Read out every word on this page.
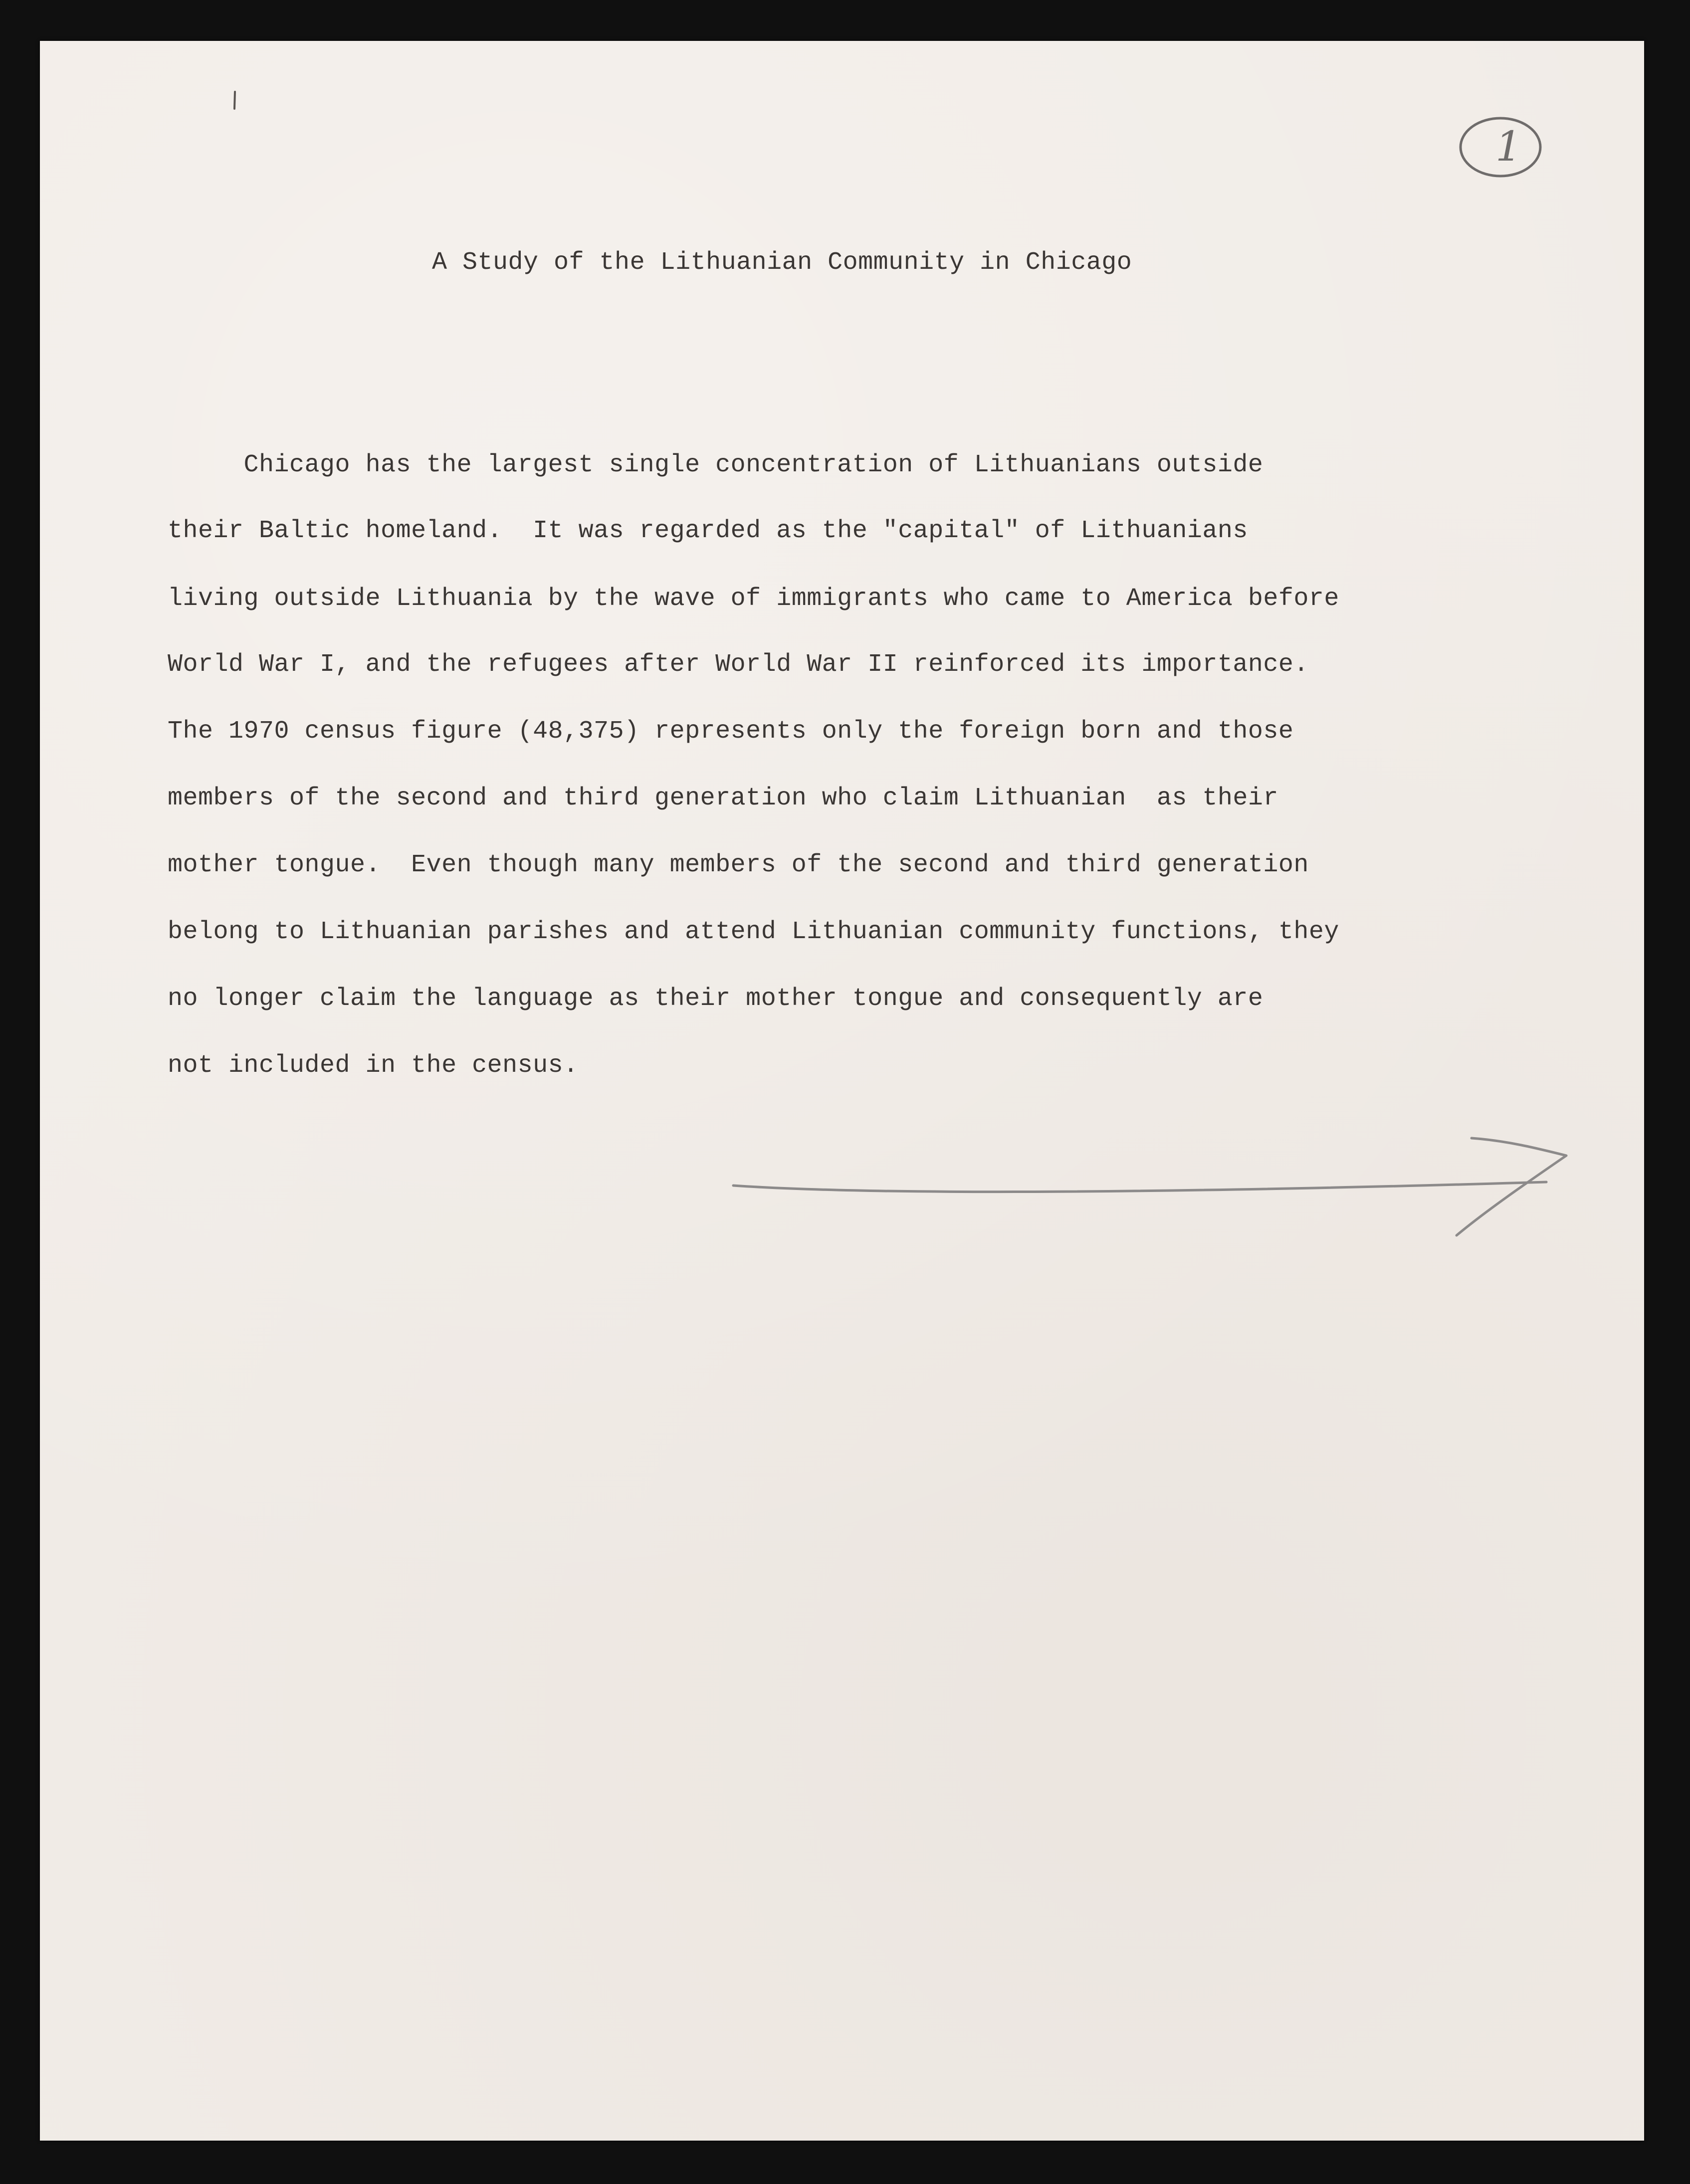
1
A Study of the Lithuanian Community in Chicago
Chicago has the largest single concentration of Lithuanians outside
their Baltic homeland.  It was regarded as the "capital" of Lithuanians
living outside Lithuania by the wave of immigrants who came to America before
World War I, and the refugees after World War II reinforced its importance.
The 1970 census figure (48,375) represents only the foreign born and those
members of the second and third generation who claim Lithuanian  as their
mother tongue.  Even though many members of the second and third generation
belong to Lithuanian parishes and attend Lithuanian community functions, they
no longer claim the language as their mother tongue and consequently are
not included in the census.
